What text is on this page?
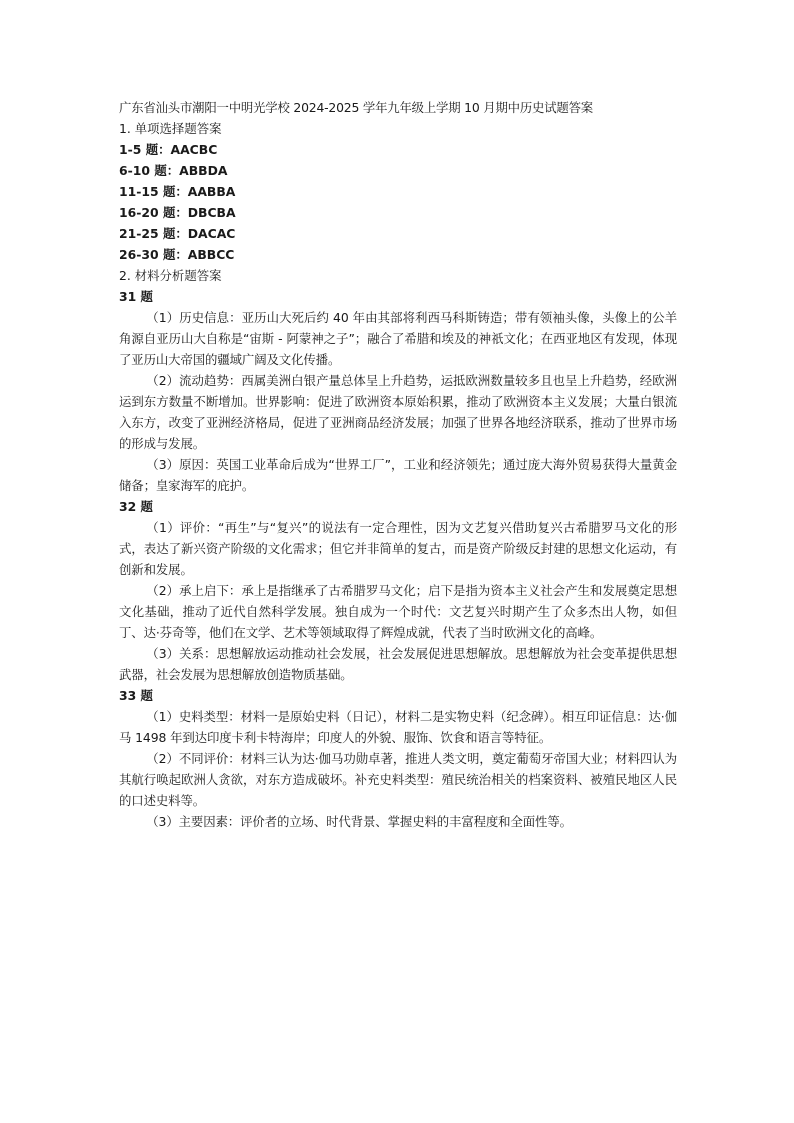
广东省汕头市潮阳一中明光学校 2024-2025 学年九年级上学期 10 月期中历史试题答案

1. 单项选择题答案

1-5 题：AACBC

6-10 题：ABBDA

11-15 题：AABBA

16-20 题：DBCBA

21-25 题：DACAC

26-30 题：ABBCC

2. 材料分析题答案

31 题

（1）历史信息：亚历山大死后约 40 年由其部将利西马科斯铸造；带有领袖头像，头像上的公羊角源自亚历山大自称是“宙斯 - 阿蒙神之子”；融合了希腊和埃及的神祇文化；在西亚地区有发现，体现了亚历山大帝国的疆域广阔及文化传播。

（2）流动趋势：西属美洲白银产量总体呈上升趋势，运抵欧洲数量较多且也呈上升趋势，经欧洲运到东方数量不断增加。世界影响：促进了欧洲资本原始积累，推动了欧洲资本主义发展；大量白银流入东方，改变了亚洲经济格局，促进了亚洲商品经济发展；加强了世界各地经济联系，推动了世界市场的形成与发展。

（3）原因：英国工业革命后成为“世界工厂”，工业和经济领先；通过庞大海外贸易获得大量黄金储备；皇家海军的庇护。

32 题

（1）评价：“再生”与“复兴”的说法有一定合理性，因为文艺复兴借助复兴古希腊罗马文化的形式，表达了新兴资产阶级的文化需求；但它并非简单的复古，而是资产阶级反封建的思想文化运动，有创新和发展。

（2）承上启下：承上是指继承了古希腊罗马文化；启下是指为资本主义社会产生和发展奠定思想文化基础，推动了近代自然科学发展。独自成为一个时代：文艺复兴时期产生了众多杰出人物，如但丁、达·芬奇等，他们在文学、艺术等领域取得了辉煌成就，代表了当时欧洲文化的高峰。

（3）关系：思想解放运动推动社会发展，社会发展促进思想解放。思想解放为社会变革提供思想武器，社会发展为思想解放创造物质基础。

33 题

（1）史料类型：材料一是原始史料（日记），材料二是实物史料（纪念碑）。相互印证信息：达·伽马 1498 年到达印度卡利卡特海岸；印度人的外貌、服饰、饮食和语言等特征。

（2）不同评价：材料三认为达·伽马功勋卓著，推进人类文明，奠定葡萄牙帝国大业；材料四认为其航行唤起欧洲人贪欲，对东方造成破坏。补充史料类型：殖民统治相关的档案资料、被殖民地区人民的口述史料等。

（3）主要因素：评价者的立场、时代背景、掌握史料的丰富程度和全面性等。
